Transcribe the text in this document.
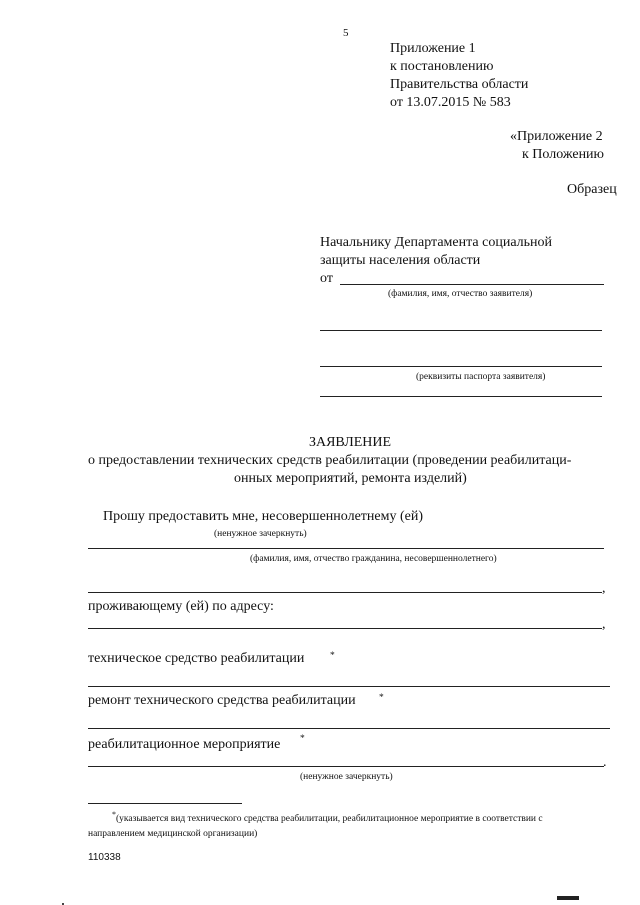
5
Приложение 1
к постановлению
Правительства области
от 13.07.2015 № 583
«Приложение 2
к Положению
Образец
Начальнику Департамента социальной
защиты населения области
от
(фамилия, имя, отчество заявителя)
(реквизиты паспорта заявителя)
ЗАЯВЛЕНИЕ
о предоставлении технических средств реабилитации (проведении реабилитаци-
онных мероприятий, ремонта изделий)
Прошу предоставить мне, несовершеннолетнему (ей)
(ненужное зачеркнуть)
(фамилия, имя, отчество гражданина, несовершеннолетнего)
,
проживающему (ей) по адресу:
,
техническое средство реабилитации	*
ремонт технического средства реабилитации *
реабилитационное мероприятие *
.
(ненужное зачеркнуть)
* (указывается вид технического средства реабилитации, реабилитационное мероприятие в соответствии с
направлением медицинской организации)
110338
